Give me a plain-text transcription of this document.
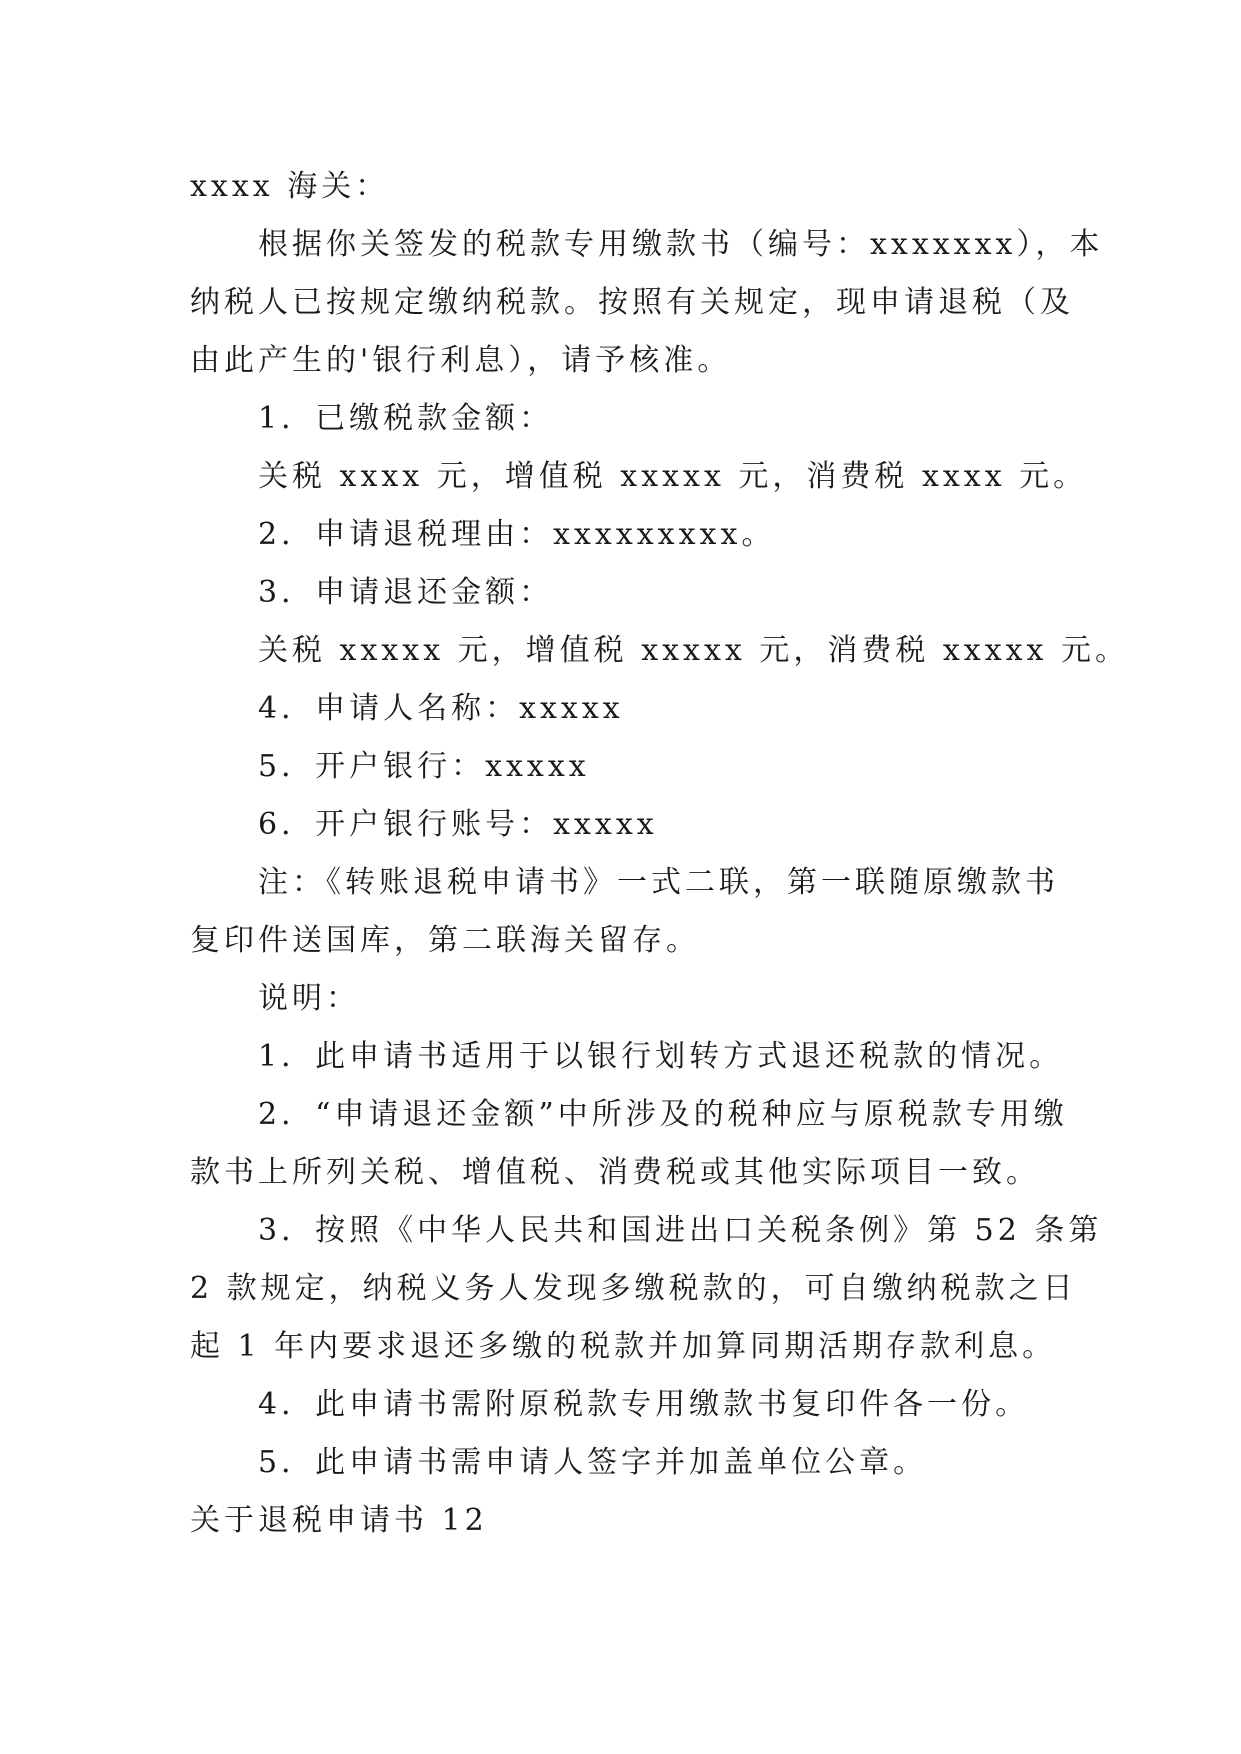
xxxx 海关：
根据你关签发的税款专用缴款书（编号：xxxxxxx），本
纳税人已按规定缴纳税款。按照有关规定，现申请退税（及
由此产生的'银行利息），请予核准。
1．已缴税款金额：
关税 xxxx 元，增值税 xxxxx 元，消费税 xxxx 元。
2．申请退税理由：xxxxxxxxx。
3．申请退还金额：
关税 xxxxx 元，增值税 xxxxx 元，消费税 xxxxx 元。
4．申请人名称：xxxxx
5．开户银行：xxxxx
6．开户银行账号：xxxxx
注：《转账退税申请书》一式二联，第一联随原缴款书
复印件送国库，第二联海关留存。
说明：
1．此申请书适用于以银行划转方式退还税款的情况。
2．“申请退还金额”中所涉及的税种应与原税款专用缴
款书上所列关税、增值税、消费税或其他实际项目一致。
3．按照《中华人民共和国进出口关税条例》第 52 条第
2 款规定，纳税义务人发现多缴税款的，可自缴纳税款之日
起 1 年内要求退还多缴的税款并加算同期活期存款利息。
4．此申请书需附原税款专用缴款书复印件各一份。
5．此申请书需申请人签字并加盖单位公章。
关于退税申请书 12
